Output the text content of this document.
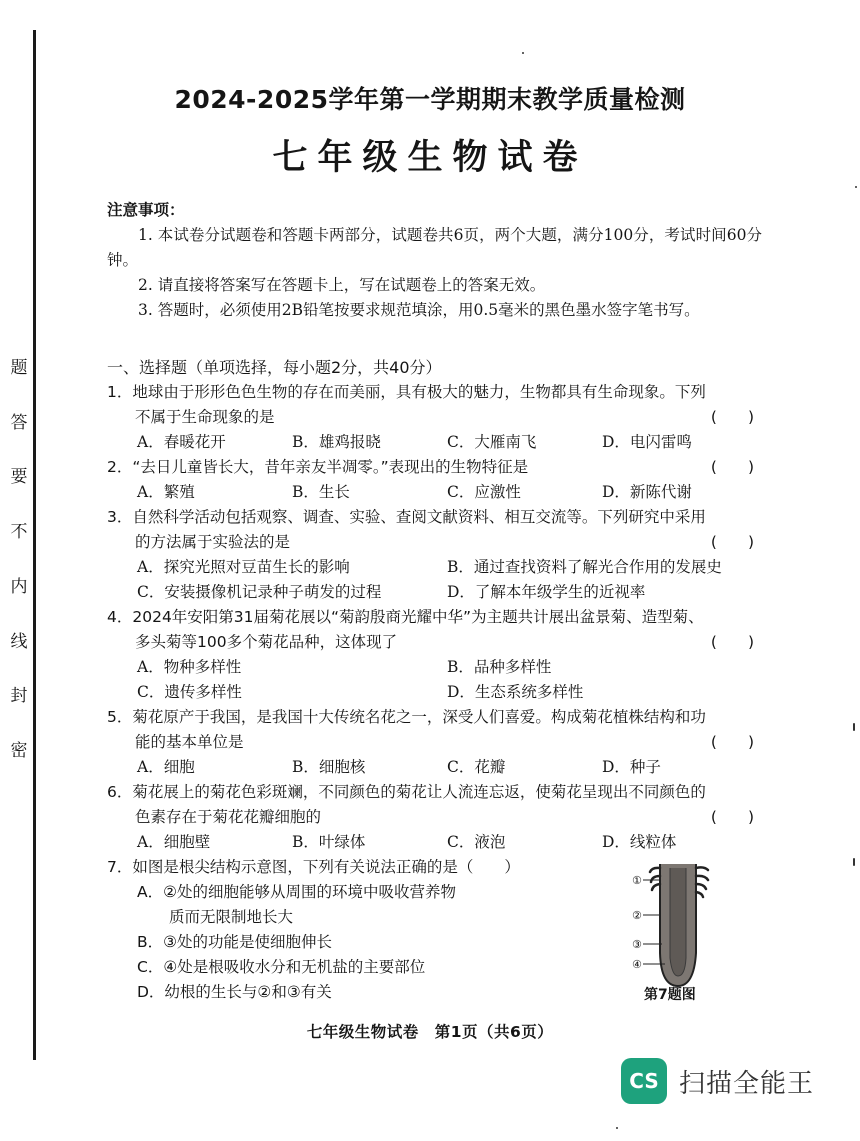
题
答
要
不
内
线
封
密
2024-2025学年第一学期期末教学质量检测
七年级生物试卷
注意事项：
1. 本试卷分试题卷和答题卡两部分，试题卷共6页，两个大题，满分100分，考试时间60分钟。
2. 请直接将答案写在答题卡上，写在试题卷上的答案无效。
3. 答题时，必须使用2B铅笔按要求规范填涂，用0.5毫米的黑色墨水签字笔书写。
一、选择题（单项选择，每小题2分，共40分）
1．地球由于形形色色生物的存在而美丽，具有极大的魅力，生物都具有生命现象。下列不属于生命现象的是	(　　)
A．春暖花开	B．雄鸡报晓	C．大雁南飞	D．电闪雷鸣
2．“去日儿童皆长大，昔年亲友半凋零。”表现出的生物特征是	(　　)
A．繁殖	B．生长	C．应激性	D．新陈代谢
3．自然科学活动包括观察、调查、实验、查阅文献资料、相互交流等。下列研究中采用的方法属于实验法的是	(　　)
A．探究光照对豆苗生长的影响	B．通过查找资料了解光合作用的发展史
C．安装摄像机记录种子萌发的过程	D．了解本年级学生的近视率
4．2024年安阳第31届菊花展以“菊韵殷商光耀中华”为主题共计展出盆景菊、造型菊、多头菊等100多个菊花品种，这体现了	(　　)
A．物种多样性	B．品种多样性
C．遗传多样性	D．生态系统多样性
5．菊花原产于我国，是我国十大传统名花之一，深受人们喜爱。构成菊花植株结构和功能的基本单位是	(　　)
A．细胞	B．细胞核	C．花瓣	D．种子
6．菊花展上的菊花色彩斑斓，不同颜色的菊花让人流连忘返，使菊花呈现出不同颜色的色素存在于菊花花瓣细胞的	(　　)
A．细胞壁	B．叶绿体	C．液泡	D．线粒体
7．如图是根尖结构示意图，下列有关说法正确的是（　　）
A．②处的细胞能够从周围的环境中吸收营养物
质而无限制地长大
B．③处的功能是使细胞伸长
C．④处是根吸收水分和无机盐的主要部位
D．幼根的生长与②和③有关
①
②
③
④
第7题图
七年级生物试卷　第1页（共6页）
CS 扫描全能王
